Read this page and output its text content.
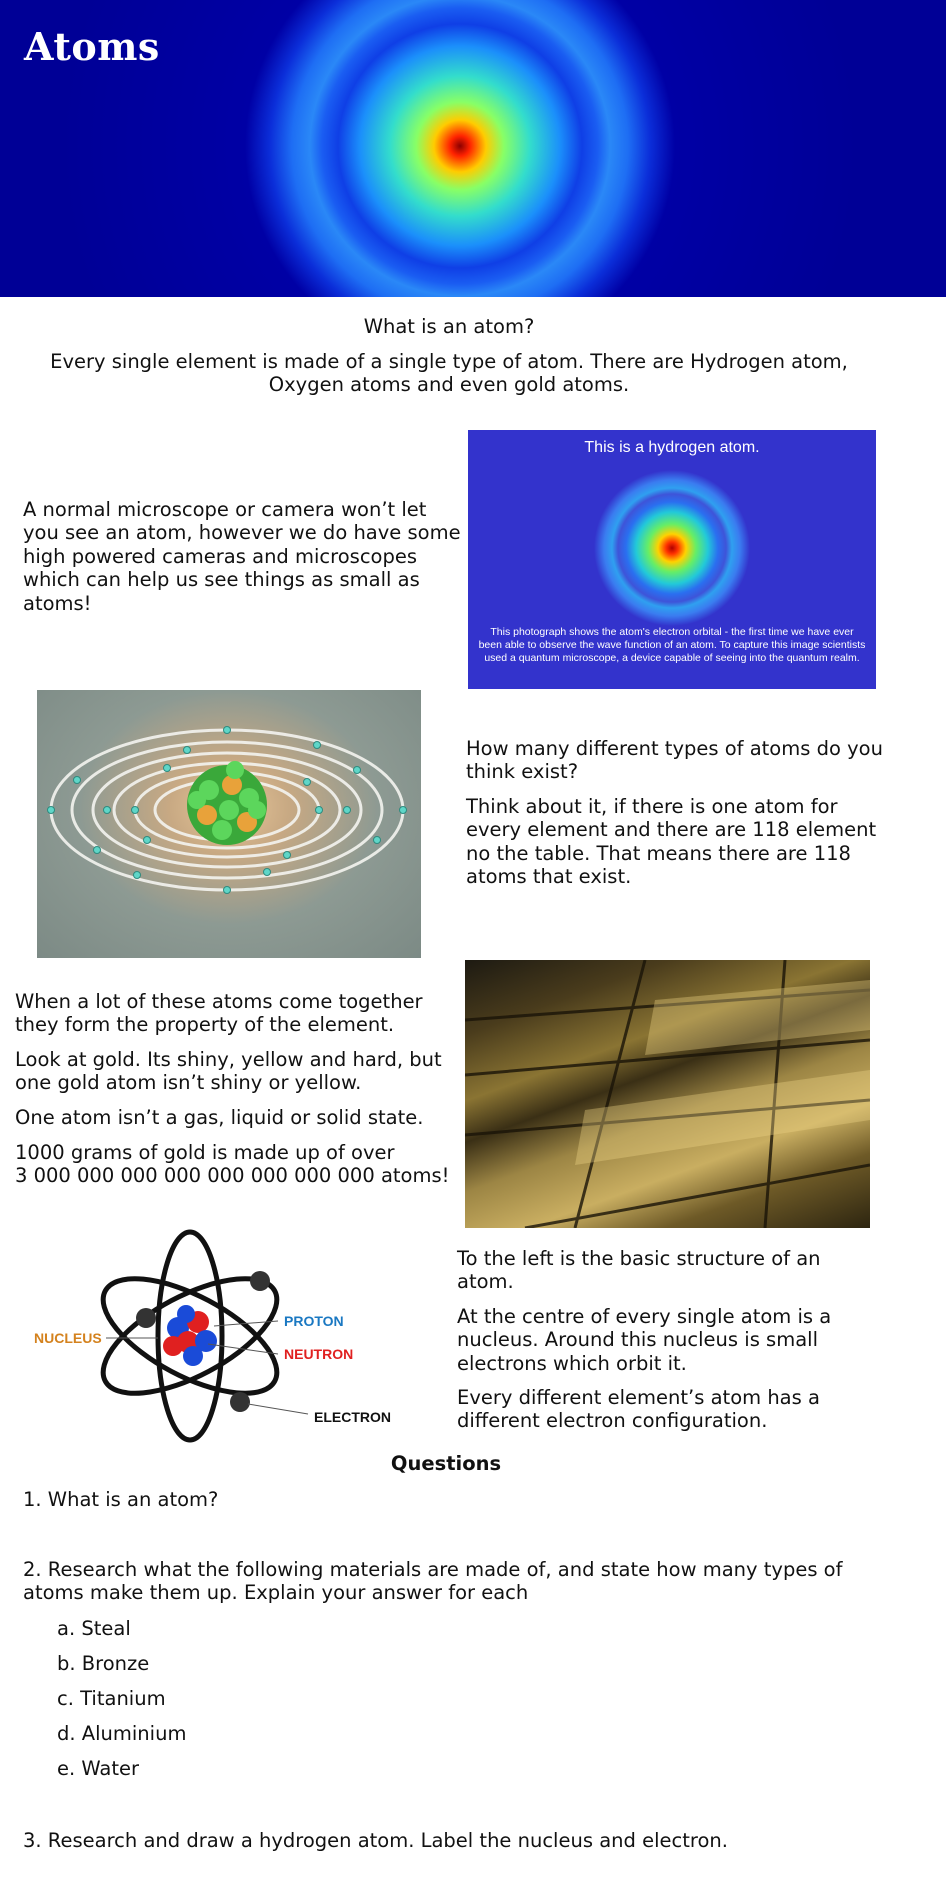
Atoms

What is an atom?

Every single element is made of a single type of atom. There are Hydrogen atom, Oxygen atoms and even gold atoms.

A normal microscope or camera won’t let you see an atom, however we do have some high powered cameras and microscopes which can help us see things as small as atoms!

This is a hydrogen atom.
This photograph shows the atom's electron orbital - the first time we have ever been able to observe the wave function of an atom. To capture this image scientists used a quantum microscope, a device capable of seeing into the quantum realm.

How many different types of atoms do you think exist?

Think about it, if there is one atom for every element and there are 118 element no the table. That means there are 118 atoms that exist.

When a lot of these atoms come together they form the property of the element.

Look at gold. Its shiny, yellow and hard, but one gold atom isn’t shiny or yellow.

One atom isn’t a gas, liquid or solid state.

1000 grams of gold is made up of over
3 000 000 000 000 000 000 000 000 atoms!

NUCLEUS
PROTON
NEUTRON
ELECTRON

To the left is the basic structure of an atom.

At the centre of every single atom is a nucleus. Around this nucleus is small electrons which orbit it.

Every different element’s atom has a different electron configuration.

Questions

1. What is an atom?

2. Research what the following materials are made of, and state how many types of atoms make them up. Explain your answer for each

a. Steal
b. Bronze
c. Titanium
d. Aluminium
e. Water

3. Research and draw a hydrogen atom. Label the nucleus and electron.
